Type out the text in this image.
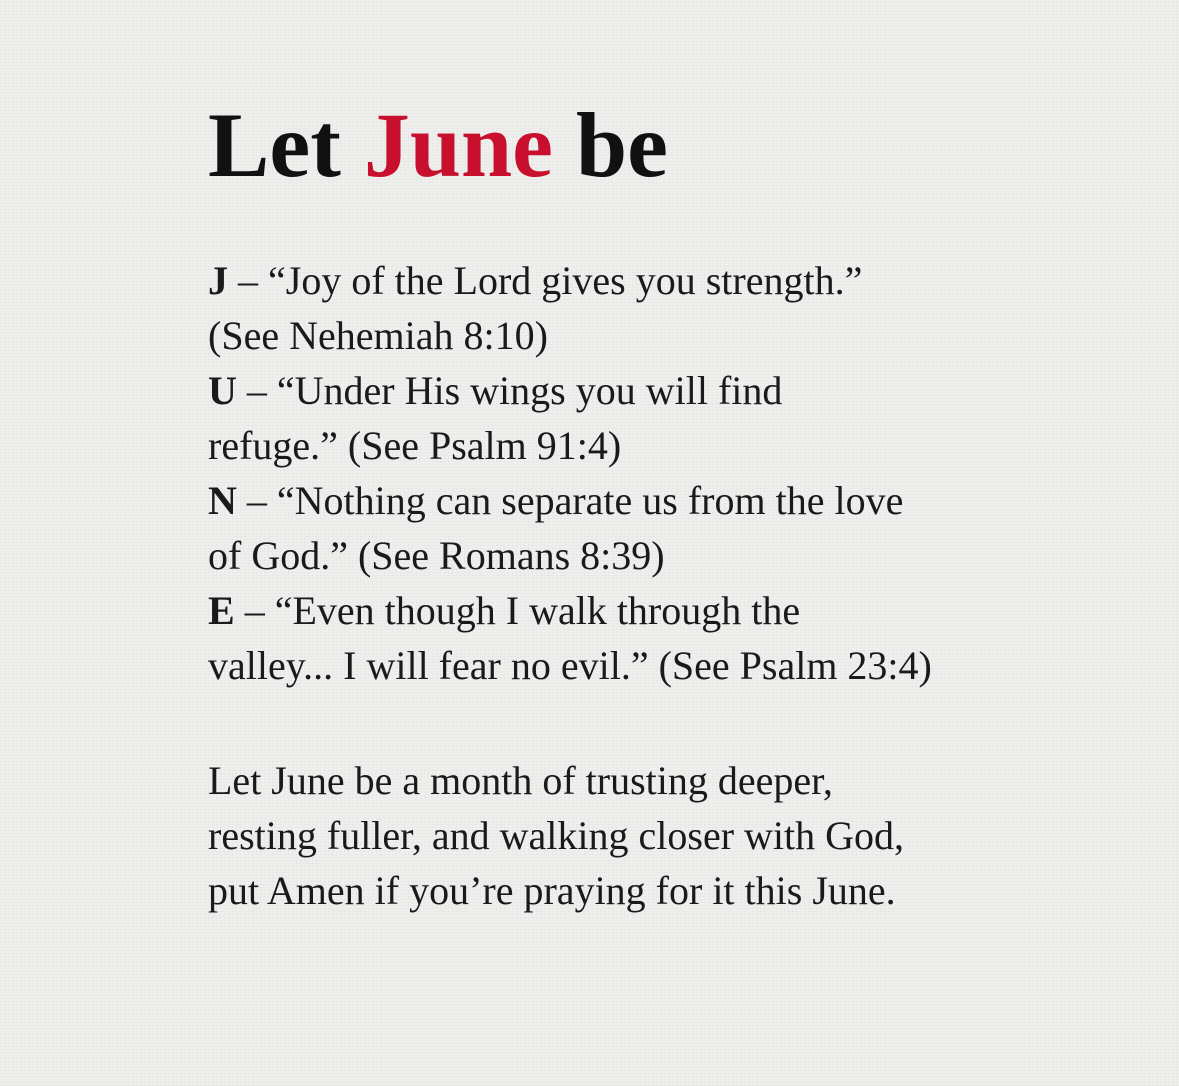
Let June be

J – “Joy of the Lord gives you strength.”

(See Nehemiah 8:10)

U – “Under His wings you will find

refuge.” (See Psalm 91:4)

N – “Nothing can separate us from the love

of God.” (See Romans 8:39)

E – “Even though I walk through the

valley... I will fear no evil.” (See Psalm 23:4)

Let June be a month of trusting deeper,

resting fuller, and walking closer with God,

put Amen if you’re praying for it this June.
